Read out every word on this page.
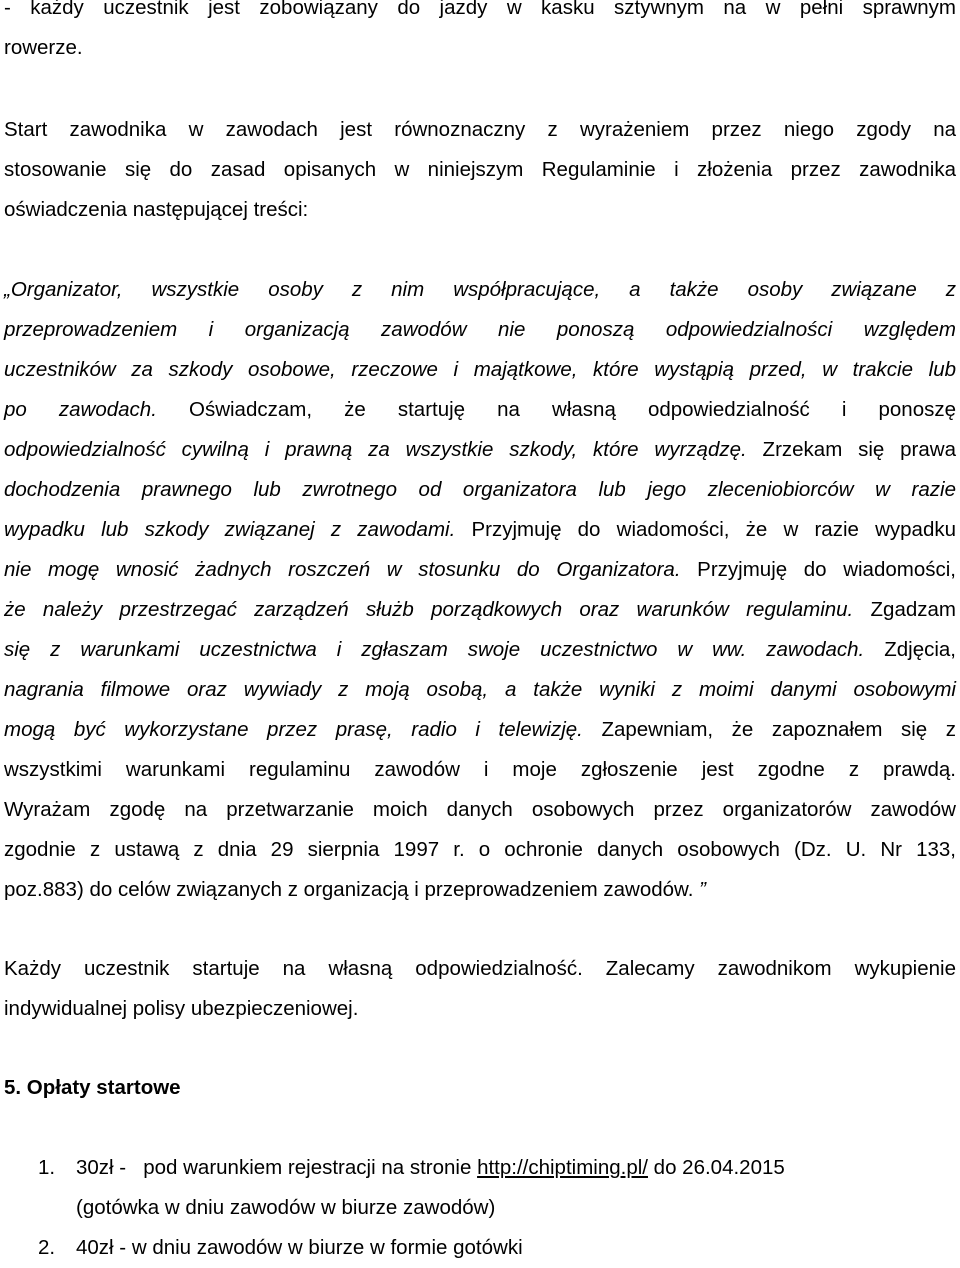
- każdy uczestnik jest zobowiązany do jazdy w kasku sztywnym na w pełni sprawnym
rowerze.

Start zawodnika w zawodach jest równoznaczny z wyrażeniem przez niego zgody na
stosowanie się do zasad opisanych w niniejszym Regulaminie i złożenia przez zawodnika
oświadczenia następującej treści:

„Organizator, wszystkie osoby z nim współpracujące, a także osoby związane z
przeprowadzeniem i organizacją zawodów nie ponoszą odpowiedzialności względem
uczestników za szkody osobowe, rzeczowe i majątkowe, które wystąpią przed, w trakcie lub
po zawodach. Oświadczam, że startuję na własną odpowiedzialność i ponoszę
odpowiedzialność cywilną i prawną za wszystkie szkody, które wyrządzę. Zrzekam się prawa
dochodzenia prawnego lub zwrotnego od organizatora lub jego zleceniobiorców w razie
wypadku lub szkody związanej z zawodami. Przyjmuję do wiadomości, że w razie wypadku
nie mogę wnosić żadnych roszczeń w stosunku do Organizatora. Przyjmuję do wiadomości,
że należy przestrzegać zarządzeń służb porządkowych oraz warunków regulaminu. Zgadzam
się z warunkami uczestnictwa i zgłaszam swoje uczestnictwo w ww. zawodach. Zdjęcia,
nagrania filmowe oraz wywiady z moją osobą, a także wyniki z moimi danymi osobowymi
mogą być wykorzystane przez prasę, radio i telewizję. Zapewniam, że zapoznałem się z
wszystkimi warunkami regulaminu zawodów i moje zgłoszenie jest zgodne z prawdą.
Wyrażam zgodę na przetwarzanie moich danych osobowych przez organizatorów zawodów
zgodnie z ustawą z dnia 29 sierpnia 1997 r. o ochronie danych osobowych (Dz. U. Nr 133,
poz.883) do celów związanych z organizacją i przeprowadzeniem zawodów. ”

Każdy uczestnik startuje na własną odpowiedzialność. Zalecamy zawodnikom wykupienie
indywidualnej polisy ubezpieczeniowej.

5. Opłaty startowe
1. 30zł -   pod warunkiem rejestracji na stronie http://chiptiming.pl/ do 26.04.2015
(gotówka w dniu zawodów w biurze zawodów)
2. 40zł - w dniu zawodów w biurze w formie gotówki
